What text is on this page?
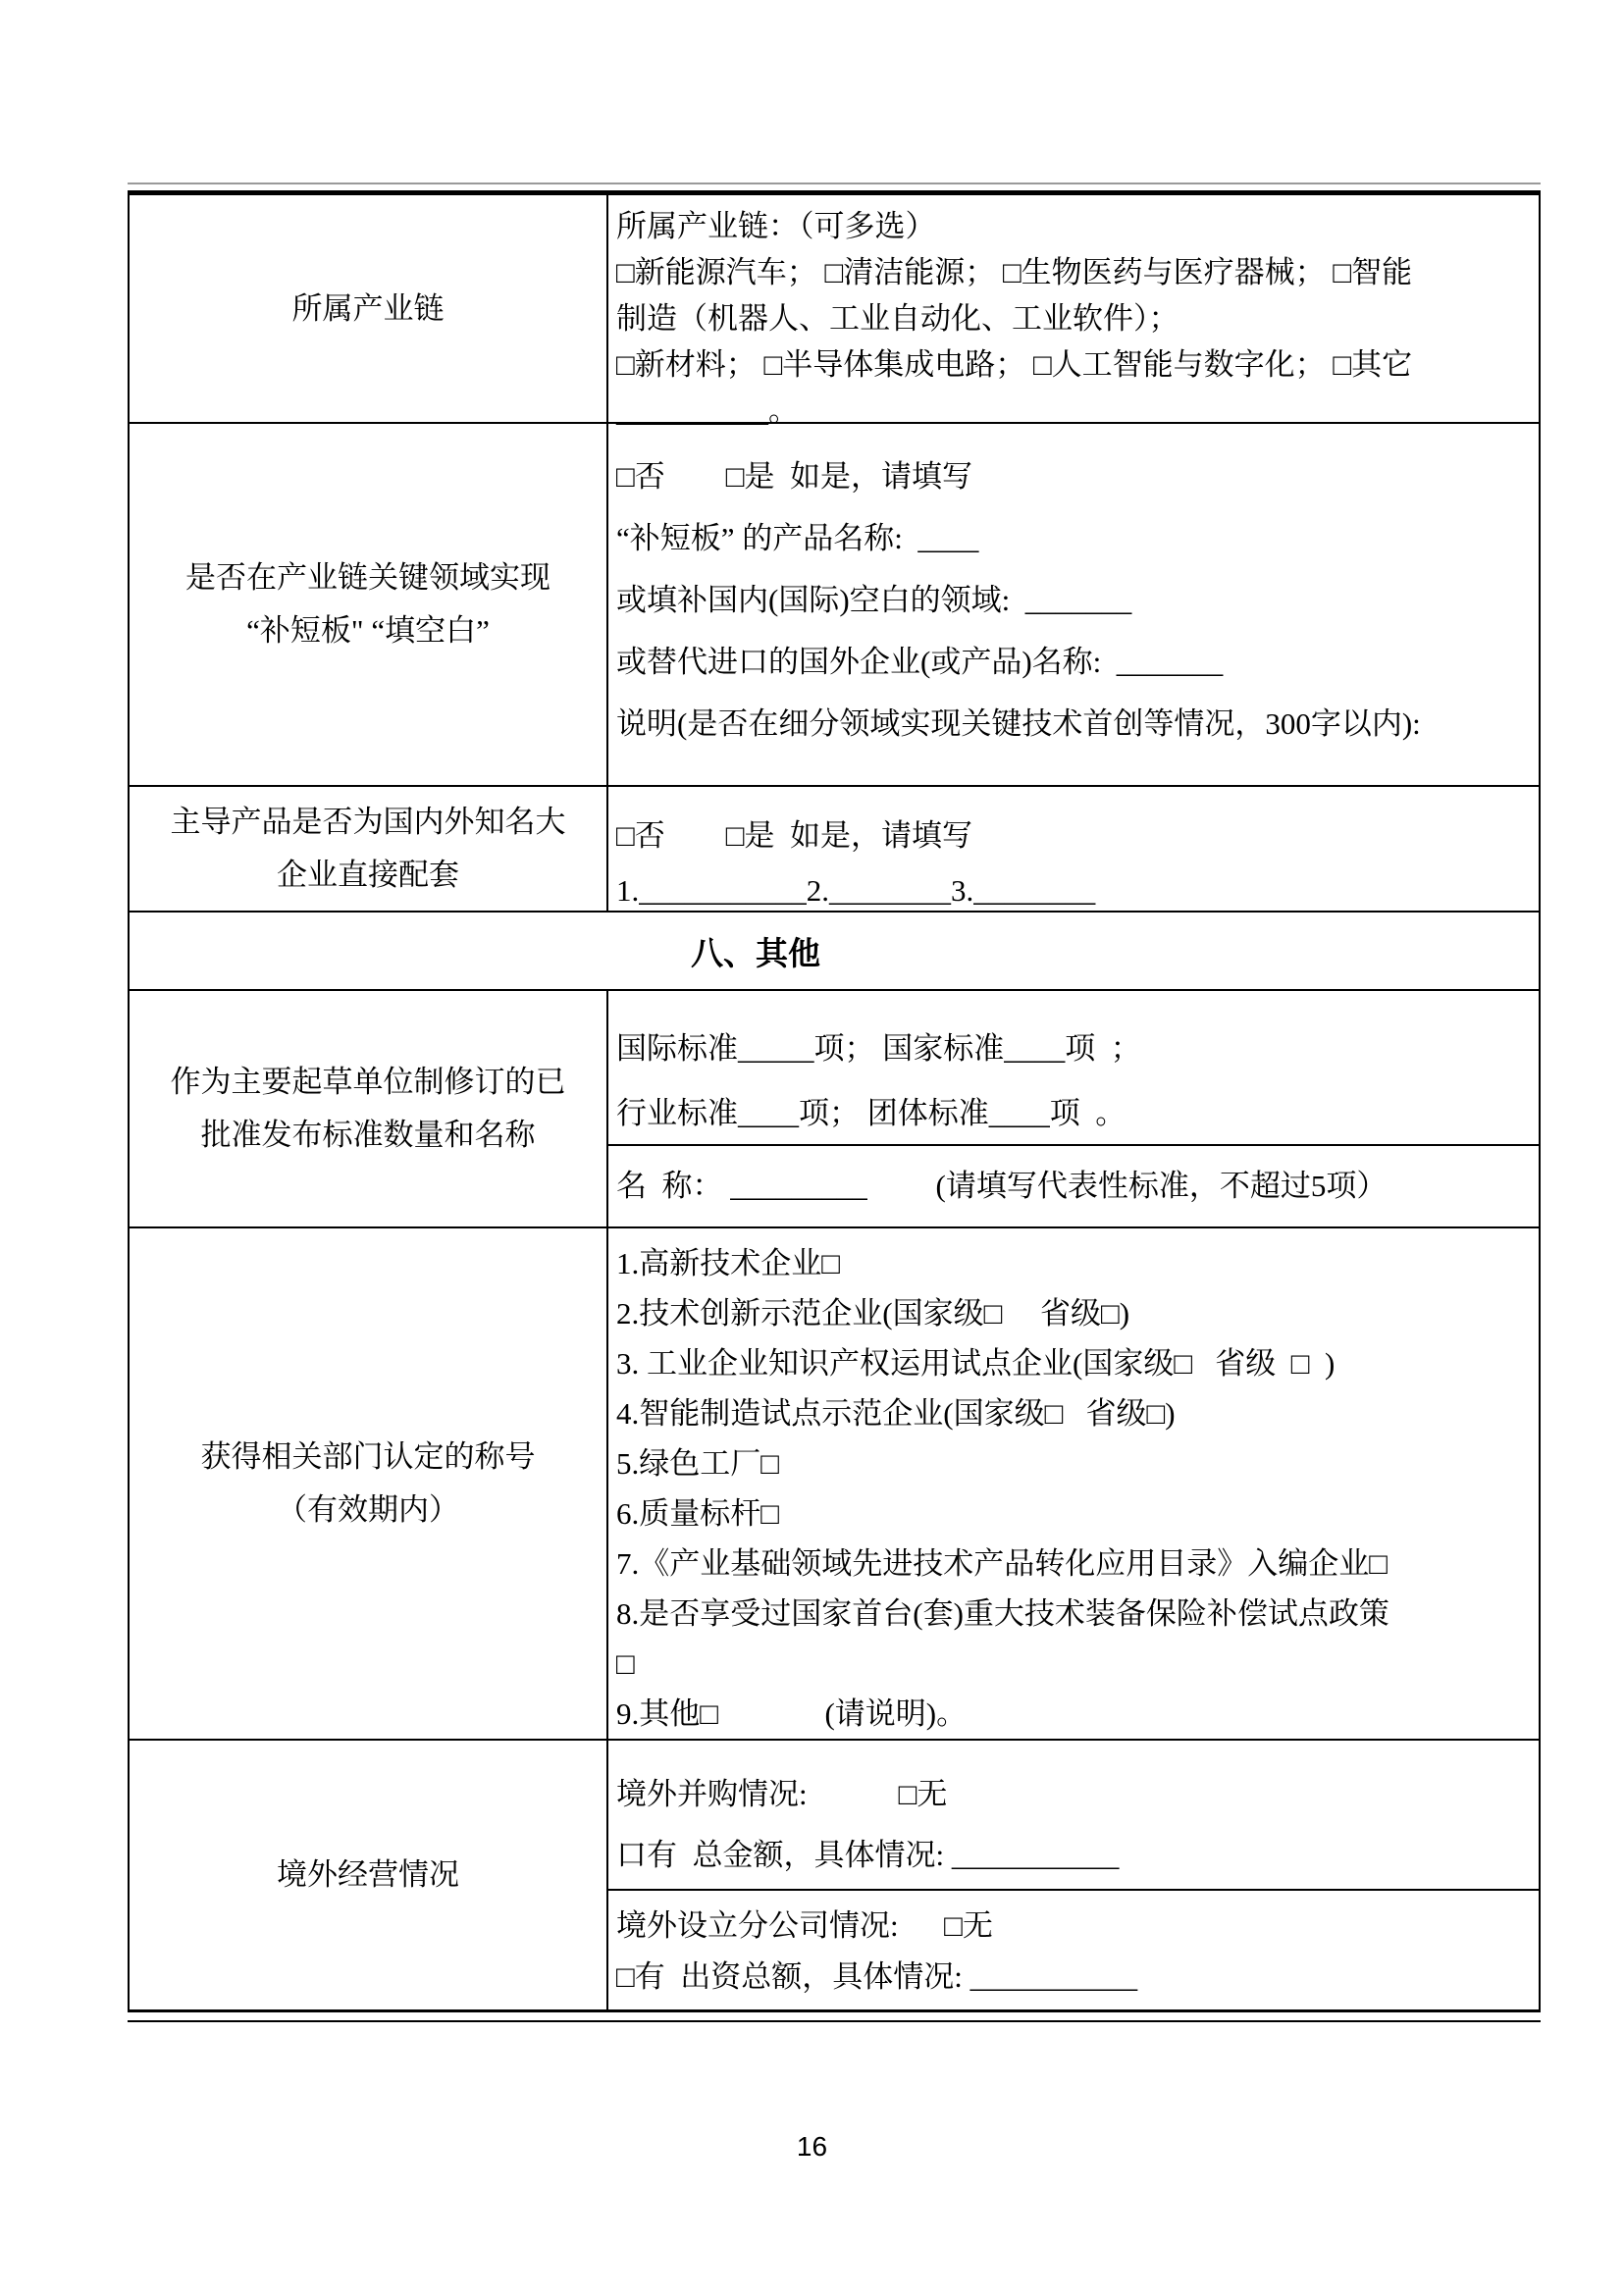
所属产业链
所属产业链：（可多选）
□新能源汽车； □清洁能源； □生物医药与医疗器械； □智能
制造（机器人、工业自动化、工业软件）；
□新材料； □半导体集成电路； □人工智能与数字化； □其它
__________。
是否在产业链关键领域实现
“补短板" “填空白”
□否        □是  如是，请填写
“补短板” 的产品名称:  ____
或填补国内(国际)空白的领域:  _______
或替代进口的国外企业(或产品)名称:  _______
说明(是否在细分领域实现关键技术首创等情况，300字以内):
主导产品是否为国内外知名大
企业直接配套
□否        □是  如是，请填写
1.___________2.________3.________
八、其他
作为主要起草单位制修订的已
批准发布标准数量和名称
国际标准_____项； 国家标准____项  ；
行业标准____项； 团体标准____项  。
名  称： _________         (请填写代表性标准，不超过5项）
获得相关部门认定的称号
（有效期内）
1.高新技术企业□
2.技术创新示范企业(国家级□     省级□)
3. 工业企业知识产权运用试点企业(国家级□   省级  □  )
4.智能制造试点示范企业(国家级□   省级□)
5.绿色工厂□
6.质量标杆□
7.《产业基础领域先进技术产品转化应用目录》入编企业□
8.是否享受过国家首台(套)重大技术装备保险补偿试点政策
□
9.其他□              (请说明)。
境外经营情况
境外并购情况:            □无
口有  总金额，具体情况: ___________
境外设立分公司情况:      □无
□有  出资总额，具体情况: ___________
16
